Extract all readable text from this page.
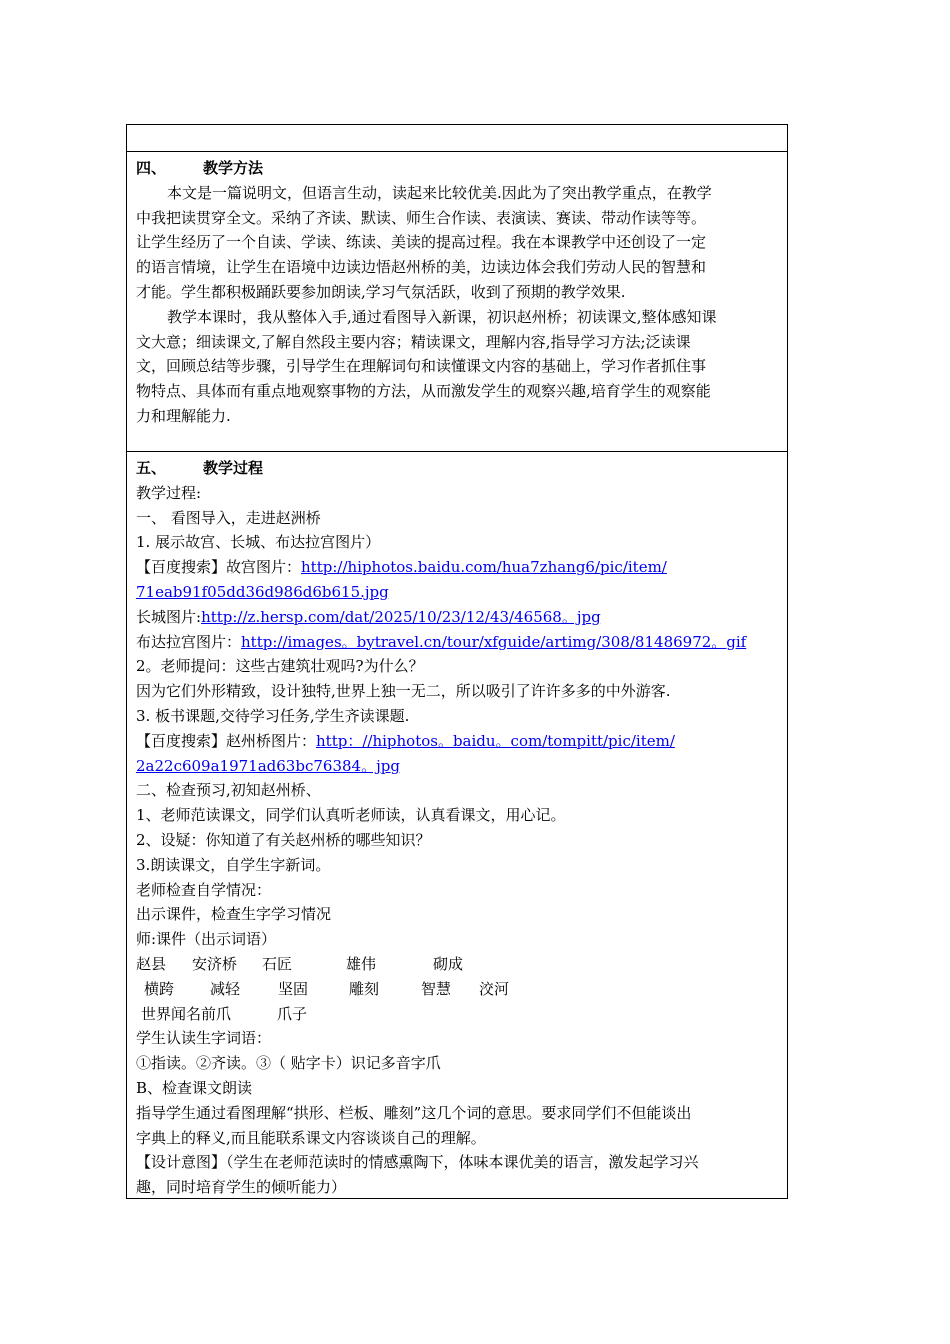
四、 教学方法
本文是一篇说明文，但语言生动，读起来比较优美.因此为了突出教学重点，在教学
中我把读贯穿全文。采纳了齐读、默读、师生合作读、表演读、赛读、带动作读等等。
让学生经历了一个自读、学读、练读、美读的提高过程。我在本课教学中还创设了一定
的语言情境，让学生在语境中边读边悟赵州桥的美，边读边体会我们劳动人民的智慧和
才能。学生都积极踊跃要参加朗读,学习气氛活跃，收到了预期的教学效果.
教学本课时，我从整体入手,通过看图导入新课，初识赵州桥；初读课文,整体感知课
文大意；细读课文,了解自然段主要内容；精读课文，理解内容,指导学习方法;泛读课
文，回顾总结等步骤，引导学生在理解词句和读懂课文内容的基础上，学习作者抓住事
物特点、具体而有重点地观察事物的方法，从而激发学生的观察兴趣,培育学生的观察能
力和理解能力.
五、 教学过程
教学过程:
一、 看图导入，走进赵洲桥
1. 展示故宫、长城、布达拉宫图片）
【百度搜索】故宫图片：http://hiphotos.baidu.com/hua7zhang6/pic/item/
71eab91f05dd36d986d6b615.jpg
长城图片:http://z.hersp.com/dat/2025/10/23/12/43/46568。jpg
布达拉宫图片：http://images。bytravel.cn/tour/xfguide/artimg/308/81486972。gif
2。老师提问：这些古建筑壮观吗?为什么？
因为它们外形精致，设计独特,世界上独一无二，所以吸引了许许多多的中外游客.
3. 板书课题,交待学习任务,学生齐读课题.
【百度搜索】赵州桥图片：http：//hiphotos。baidu。com/tompitt/pic/item/
2a22c609a1971ad63bc76384。jpg
二、检查预习,初知赵州桥、
1、老师范读课文，同学们认真听老师读，认真看课文，用心记。
2、设疑：你知道了有关赵州桥的哪些知识？
3.朗读课文，自学生字新词。
老师检查自学情况：
出示课件，检查生字学习情况
师:课件（出示词语）
赵县 安济桥 石匠	雄伟	砌成
横跨 减轻	坚固	雕刻	智慧 洨河
世界闻名前爪	爪子
学生认读生字词语：
①指读。②齐读。③（ 贴字卡）识记多音字爪
B、检查课文朗读
指导学生通过看图理解“拱形、栏板、雕刻”这几个词的意思。要求同学们不但能谈出
字典上的释义,而且能联系课文内容谈谈自己的理解。
【设计意图】（学生在老师范读时的情感熏陶下，体味本课优美的语言，激发起学习兴
趣，同时培育学生的倾听能力）
